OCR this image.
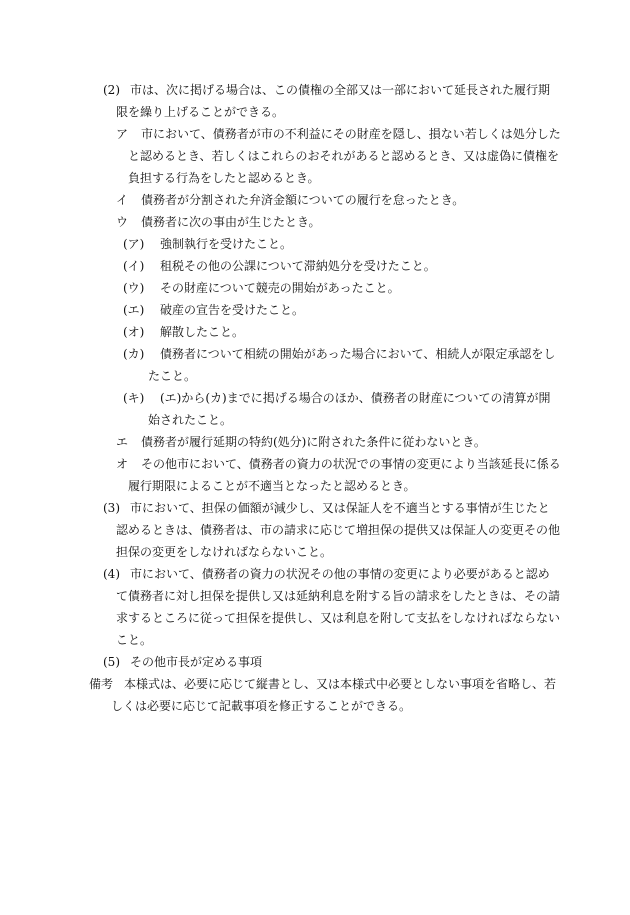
(2) 市は、次に掲げる場合は、この債権の全部又は一部において延長された履行期

限を繰り上げることができる。
ア 市において、債務者が市の不利益にその財産を隠し、損ない若しくは処分した
と認めるとき、若しくはこれらのおそれがあると認めるとき、又は虚偽に債権を
負担する行為をしたと認めるとき。
イ 債務者が分割された弁済金額についての履行を怠ったとき。
ウ 債務者に次の事由が生じたとき。
(ア) 強制執行を受けたこと。
(イ) 租税その他の公課について滞納処分を受けたこと。
(ウ) その財産について競売の開始があったこと。
(エ) 破産の宣告を受けたこと。
(オ) 解散したこと。
(カ) 債務者について相続の開始があった場合において、相続人が限定承認をし
たこと。
(キ) (エ)から(カ)までに掲げる場合のほか、債務者の財産についての清算が開
始されたこと。
エ 債務者が履行延期の特約(処分)に附された条件に従わないとき。
オ その他市において、債務者の資力の状況での事情の変更により当該延長に係る
履行期限によることが不適当となったと認めるとき。
(3) 市において、担保の価額が減少し、又は保証人を不適当とする事情が生じたと
認めるときは、債務者は、市の請求に応じて増担保の提供又は保証人の変更その他
担保の変更をしなければならないこと。
(4) 市において、債務者の資力の状況その他の事情の変更により必要があると認め
て債務者に対し担保を提供し又は延納利息を附する旨の請求をしたときは、その請
求するところに従って担保を提供し、又は利息を附して支払をしなければならない
こと。
(5) その他市長が定める事項
備考 本様式は、必要に応じて縦書とし、又は本様式中必要としない事項を省略し、若
しくは必要に応じて記載事項を修正することができる。
